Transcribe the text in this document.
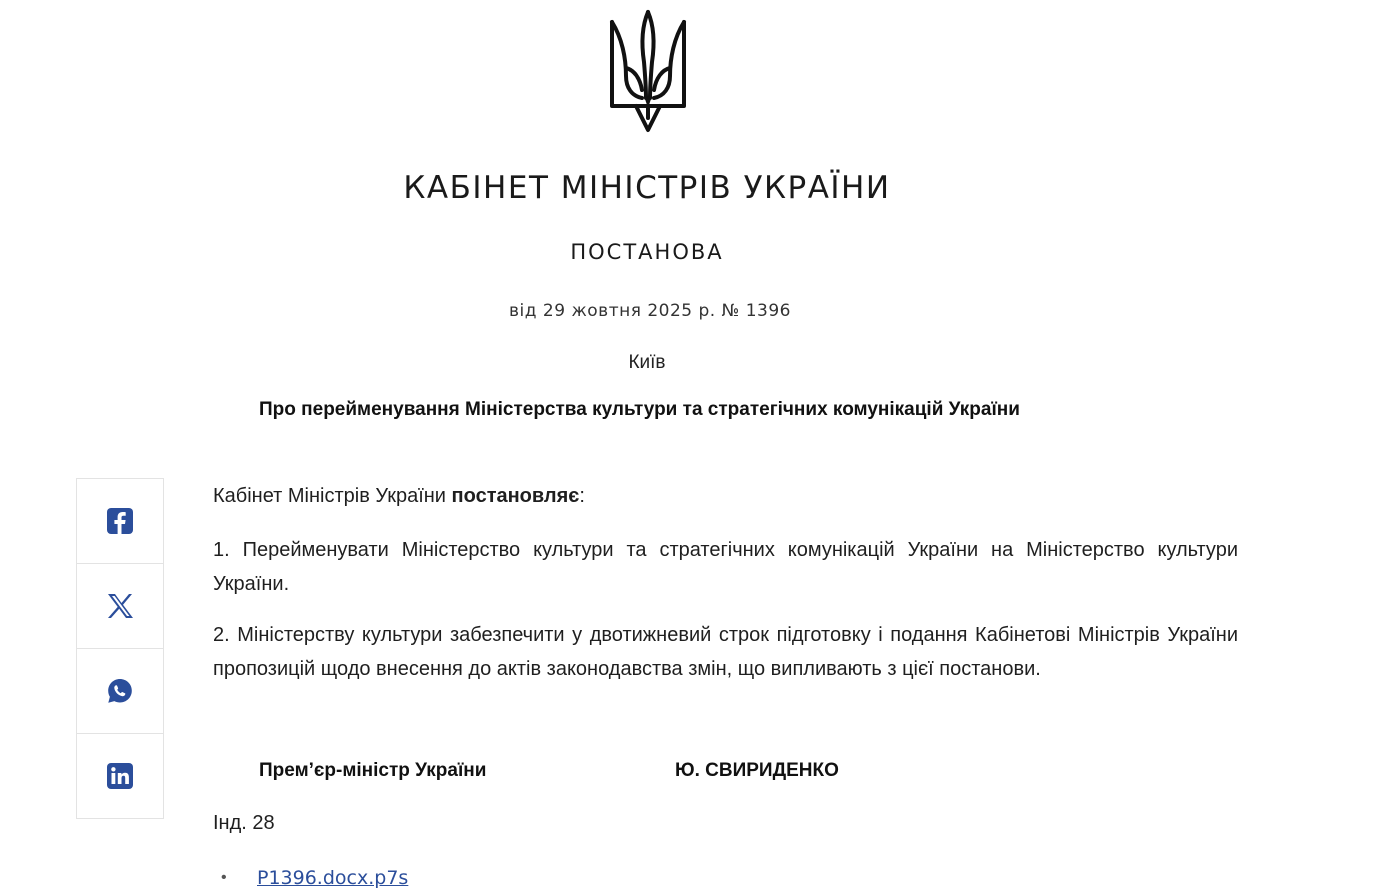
КАБІНЕТ МІНІСТРІВ УКРАЇНИ
ПОСТАНОВА
від 29 жовтня 2025 р. № 1396
Київ
Про перейменування Міністерства культури та стратегічних комунікацій України
Кабінет Міністрів України постановляє:
1. Перейменувати Міністерство культури та стратегічних комунікацій України на Міністерство культури України.
2. Міністерству культури забезпечити у двотижневий строк підготовку і подання Кабінетові Міністрів України пропозицій щодо внесення до актів законодавства змін, що випливають з цієї постанови.
Прем’єр-міністр України	Ю. СВИРИДЕНКО
Інд. 28
• P1396.docx.p7s
